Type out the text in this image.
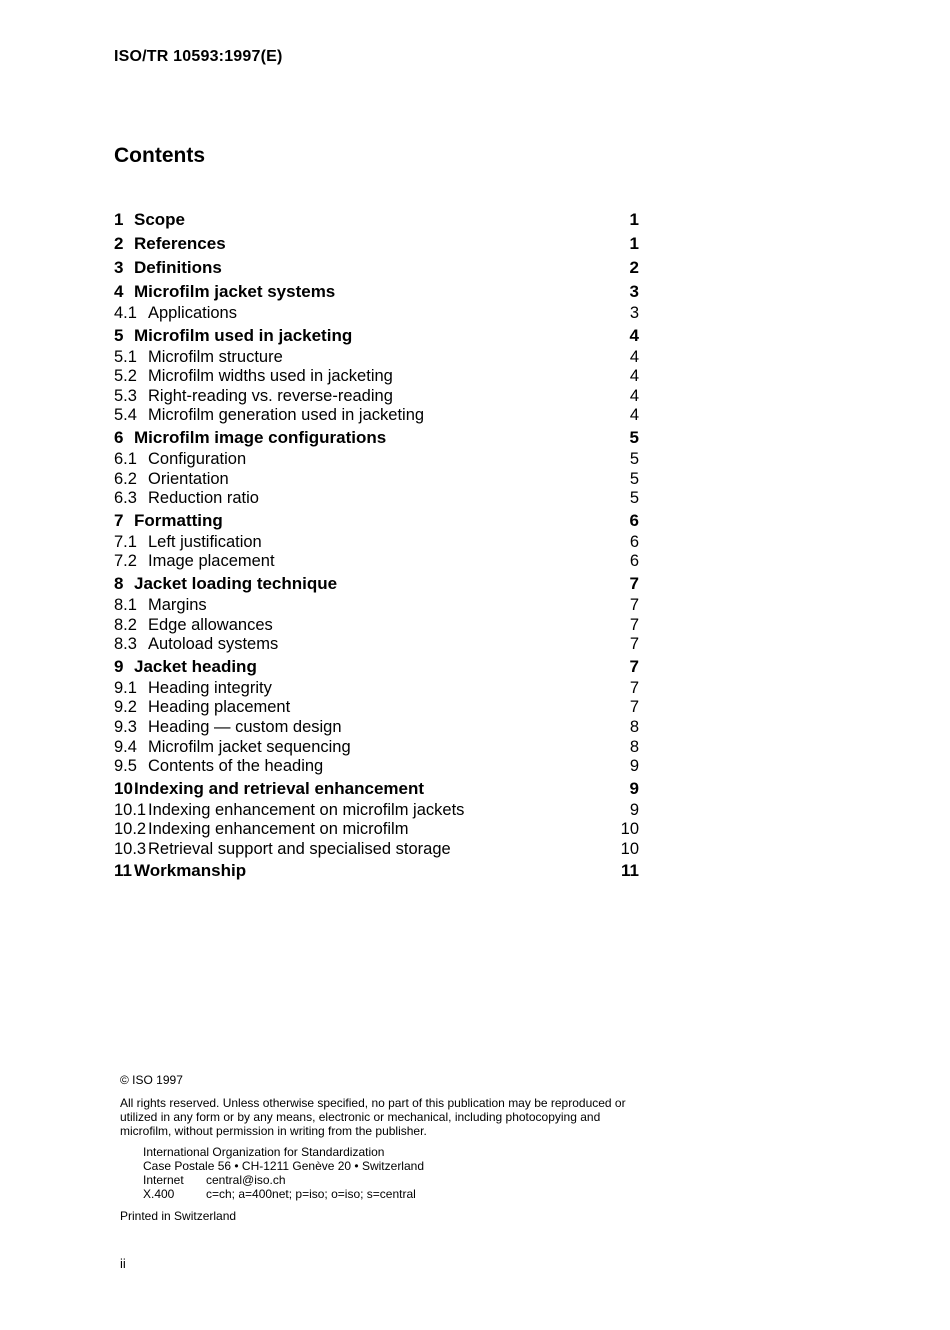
ISO/TR 10593:1997(E)
Contents
1 Scope	1
2 References	1
3 Definitions	2
4 Microfilm jacket systems	3
4.1 Applications	3
5 Microfilm used in jacketing	4
5.1 Microfilm structure	4
5.2 Microfilm widths used in jacketing	4
5.3 Right-reading vs. reverse-reading	4
5.4 Microfilm generation used in jacketing	4
6 Microfilm image configurations	5
6.1 Configuration	5
6.2 Orientation	5
6.3 Reduction ratio	5
7 Formatting	6
7.1 Left justification	6
7.2 Image placement	6
8 Jacket loading technique	7
8.1 Margins	7
8.2 Edge allowances	7
8.3 Autoload systems	7
9 Jacket heading	7
9.1 Heading integrity	7
9.2 Heading placement	7
9.3 Heading — custom design	8
9.4 Microfilm jacket sequencing	8
9.5 Contents of the heading	9
10 Indexing and retrieval enhancement	9
10.1 Indexing enhancement on microfilm jackets	9
10.2 Indexing enhancement on microfilm	10
10.3 Retrieval support and specialised storage	10
11 Workmanship	11
© ISO 1997
All rights reserved. Unless otherwise specified, no part of this publication may be reproduced or utilized in any form or by any means, electronic or mechanical, including photocopying and microfilm, without permission in writing from the publisher.
International Organization for Standardization
Case Postale 56 • CH-1211 Genève 20 • Switzerland
Internet	central@iso.ch
X.400	c=ch; a=400net; p=iso; o=iso; s=central
Printed in Switzerland
ii
